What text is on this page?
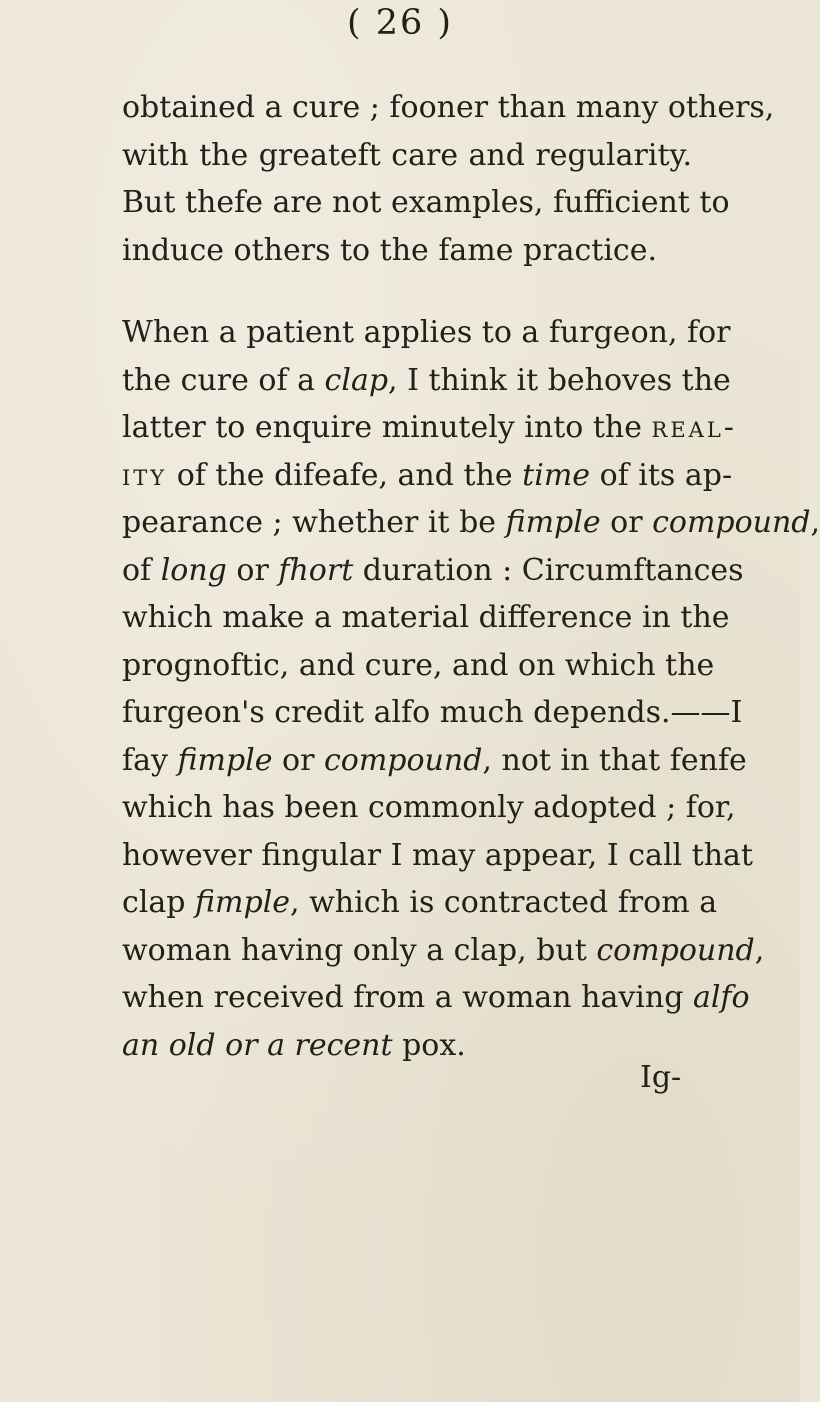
( 26 )
obtained a cure ; fooner than many others,
with the greateft care and regularity.
But thefe are not examples, fufficient to
induce others to the fame practice.
When a patient applies to a furgeon, for
the cure of a clap, I think it behoves the
latter to enquire minutely into the real-
ity of the difeafe, and the time of its ap-
pearance ; whether it be fimple or compound,
of long or fhort duration : Circumftances
which make a material difference in the
prognoftic, and cure, and on which the
furgeon's credit alfo much depends.——I
fay fimple or compound, not in that fenfe
which has been commonly adopted ; for,
however fingular I may appear, I call that
clap fimple, which is contracted from a
woman having only a clap, but compound,
when received from a woman having alfo
an old or a recent pox.
Ig-
